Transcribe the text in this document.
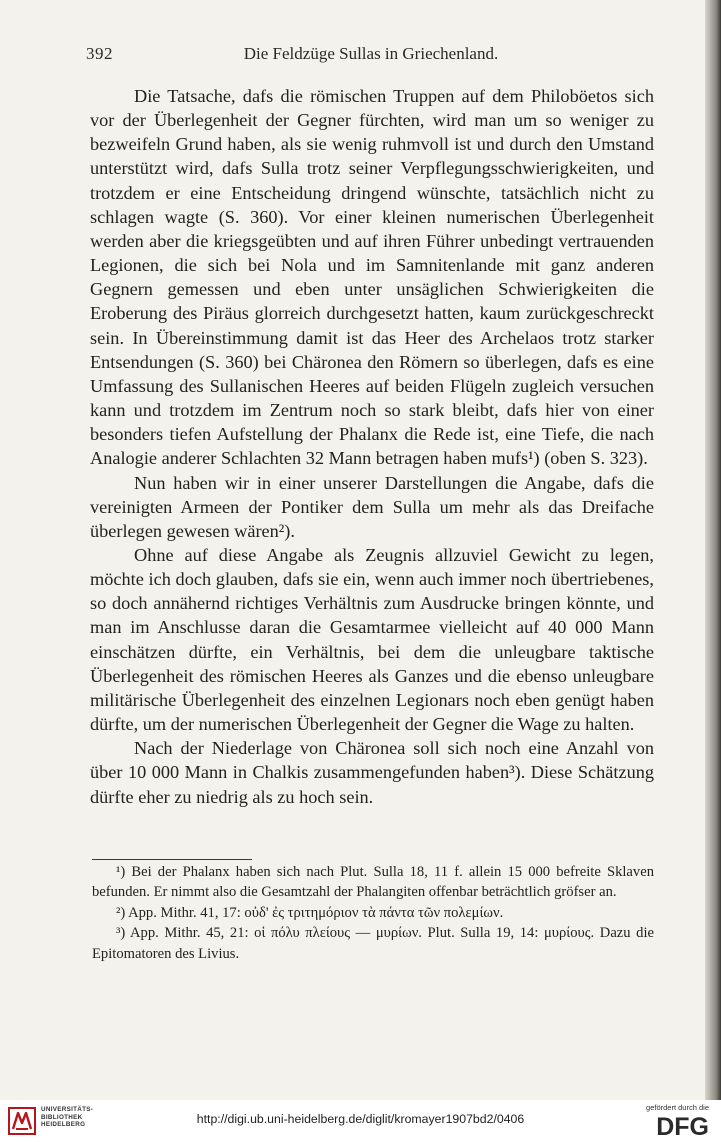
392	Die Feldzüge Sullas in Griechenland.

Die Tatsache, dafs die römischen Truppen auf dem Philoböetos sich vor der Überlegenheit der Gegner fürchten, wird man um so weniger zu bezweifeln Grund haben, als sie wenig ruhmvoll ist und durch den Umstand unterstützt wird, dafs Sulla trotz seiner Verpflegungsschwierigkeiten, und trotzdem er eine Entscheidung dringend wünschte, tatsächlich nicht zu schlagen wagte (S. 360). Vor einer kleinen numerischen Überlegenheit werden aber die kriegsgeübten und auf ihren Führer unbedingt vertrauenden Legionen, die sich bei Nola und im Samnitenlande mit ganz anderen Gegnern gemessen und eben unter unsäglichen Schwierigkeiten die Eroberung des Piräus glorreich durchgesetzt hatten, kaum zurückgeschreckt sein. In Übereinstimmung damit ist das Heer des Archelaos trotz starker Entsendungen (S. 360) bei Chäronea den Römern so überlegen, dafs es eine Umfassung des Sullanischen Heeres auf beiden Flügeln zugleich versuchen kann und trotzdem im Zentrum noch so stark bleibt, dafs hier von einer besonders tiefen Aufstellung der Phalanx die Rede ist, eine Tiefe, die nach Analogie anderer Schlachten 32 Mann betragen haben mufs¹) (oben S. 323).

Nun haben wir in einer unserer Darstellungen die Angabe, dafs die vereinigten Armeen der Pontiker dem Sulla um mehr als das Dreifache überlegen gewesen wären²).

Ohne auf diese Angabe als Zeugnis allzuviel Gewicht zu legen, möchte ich doch glauben, dafs sie ein, wenn auch immer noch übertriebenes, so doch annähernd richtiges Verhältnis zum Ausdrucke bringen könnte, und man im Anschlusse daran die Gesamtarmee vielleicht auf 40 000 Mann einschätzen dürfte, ein Verhältnis, bei dem die unleugbare taktische Überlegenheit des römischen Heeres als Ganzes und die ebenso unleugbare militärische Überlegenheit des einzelnen Legionars noch eben genügt haben dürfte, um der numerischen Überlegenheit der Gegner die Wage zu halten.

Nach der Niederlage von Chäronea soll sich noch eine Anzahl von über 10 000 Mann in Chalkis zusammengefunden haben³). Diese Schätzung dürfte eher zu niedrig als zu hoch sein.

¹) Bei der Phalanx haben sich nach Plut. Sulla 18, 11 f. allein 15 000 befreite Sklaven befunden. Er nimmt also die Gesamtzahl der Phalangiten offenbar beträchtlich gröfser an.

²) App. Mithr. 41, 17: οὐδ' ἐς τριτημόριον τὰ πάντα τῶν πολεμίων.

³) App. Mithr. 45, 21: οἱ πόλυ πλείους — μυρίων. Plut. Sulla 19, 14: μυρίους. Dazu die Epitomatoren des Livius.

UNIVERSITÄTS-
BIBLIOTHEK
HEIDELBERG	http://digi.ub.uni-heidelberg.de/diglit/kromayer1907bd2/0406
gefördert durch die
DFG
